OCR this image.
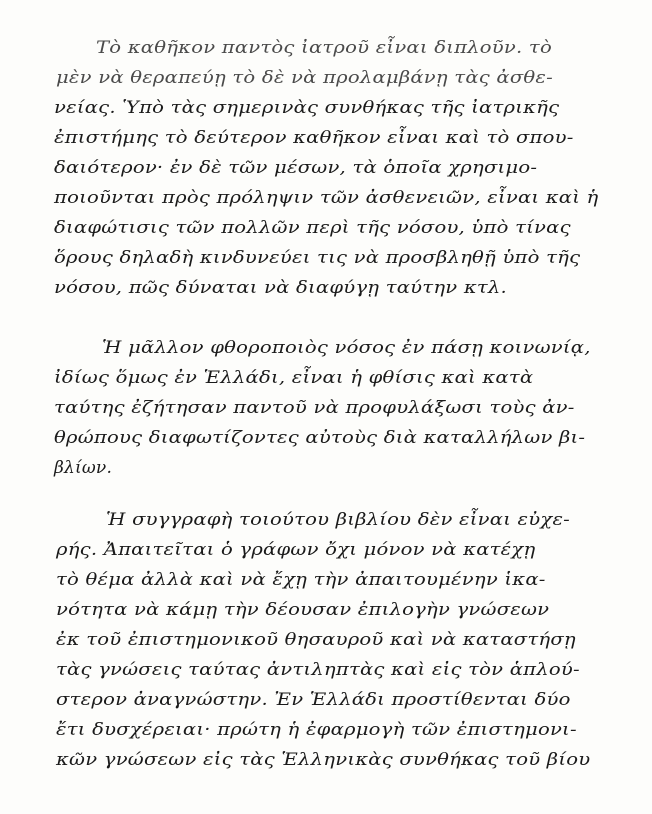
Τὸ καθῆκον παντὸς ἰατροῦ εἶναι διπλοῦν. τὸ
μὲν νὰ θεραπεύῃ τὸ δὲ νὰ προλαμβάνῃ τὰς ἀσθε-
νείας. Ὑπὸ τὰς σημερινὰς συνθήκας τῆς ἰατρικῆς
ἐπιστήμης τὸ δεύτερον καθῆκον εἶναι καὶ τὸ σπου-
δαιότερον· ἐν δὲ τῶν μέσων, τὰ ὁποῖα χρησιμο-
ποιοῦνται πρὸς πρόληψιν τῶν ἀσθενειῶν, εἶναι καὶ ἡ
διαφώτισις τῶν πολλῶν περὶ τῆς νόσου, ὑπὸ τίνας
ὅρους δηλαδὴ κινδυνεύει τις νὰ προσβληθῇ ὑπὸ τῆς
νόσου, πῶς δύναται νὰ διαφύγῃ ταύτην κτλ.
Ἡ μᾶλλον φθοροποιὸς νόσος ἐν πάσῃ κοινωνίᾳ,
ἰδίως ὅμως ἐν Ἑλλάδι, εἶναι ἡ φθίσις καὶ κατὰ
ταύτης ἐζήτησαν παντοῦ νὰ προφυλάξωσι τοὺς ἀν-
θρώπους διαφωτίζοντες αὐτοὺς διὰ καταλλήλων βι-
βλίων.
Ἡ συγγραφὴ τοιούτου βιβλίου δὲν εἶναι εὐχε-
ρής. Ἀπαιτεῖται ὁ γράφων ὄχι μόνον νὰ κατέχῃ
τὸ θέμα ἀλλὰ καὶ νὰ ἔχῃ τὴν ἀπαιτουμένην ἱκα-
νότητα νὰ κάμῃ τὴν δέουσαν ἐπιλογὴν γνώσεων
ἐκ τοῦ ἐπιστημονικοῦ θησαυροῦ καὶ νὰ καταστήσῃ
τὰς γνώσεις ταύτας ἀντιληπτὰς καὶ εἰς τὸν ἁπλού-
στερον ἀναγνώστην. Ἐν Ἑλλάδι προστίθενται δύο
ἔτι δυσχέρειαι· πρώτη ἡ ἐφαρμογὴ τῶν ἐπιστημονι-
κῶν γνώσεων εἰς τὰς Ἑλληνικὰς συνθήκας τοῦ βίου
